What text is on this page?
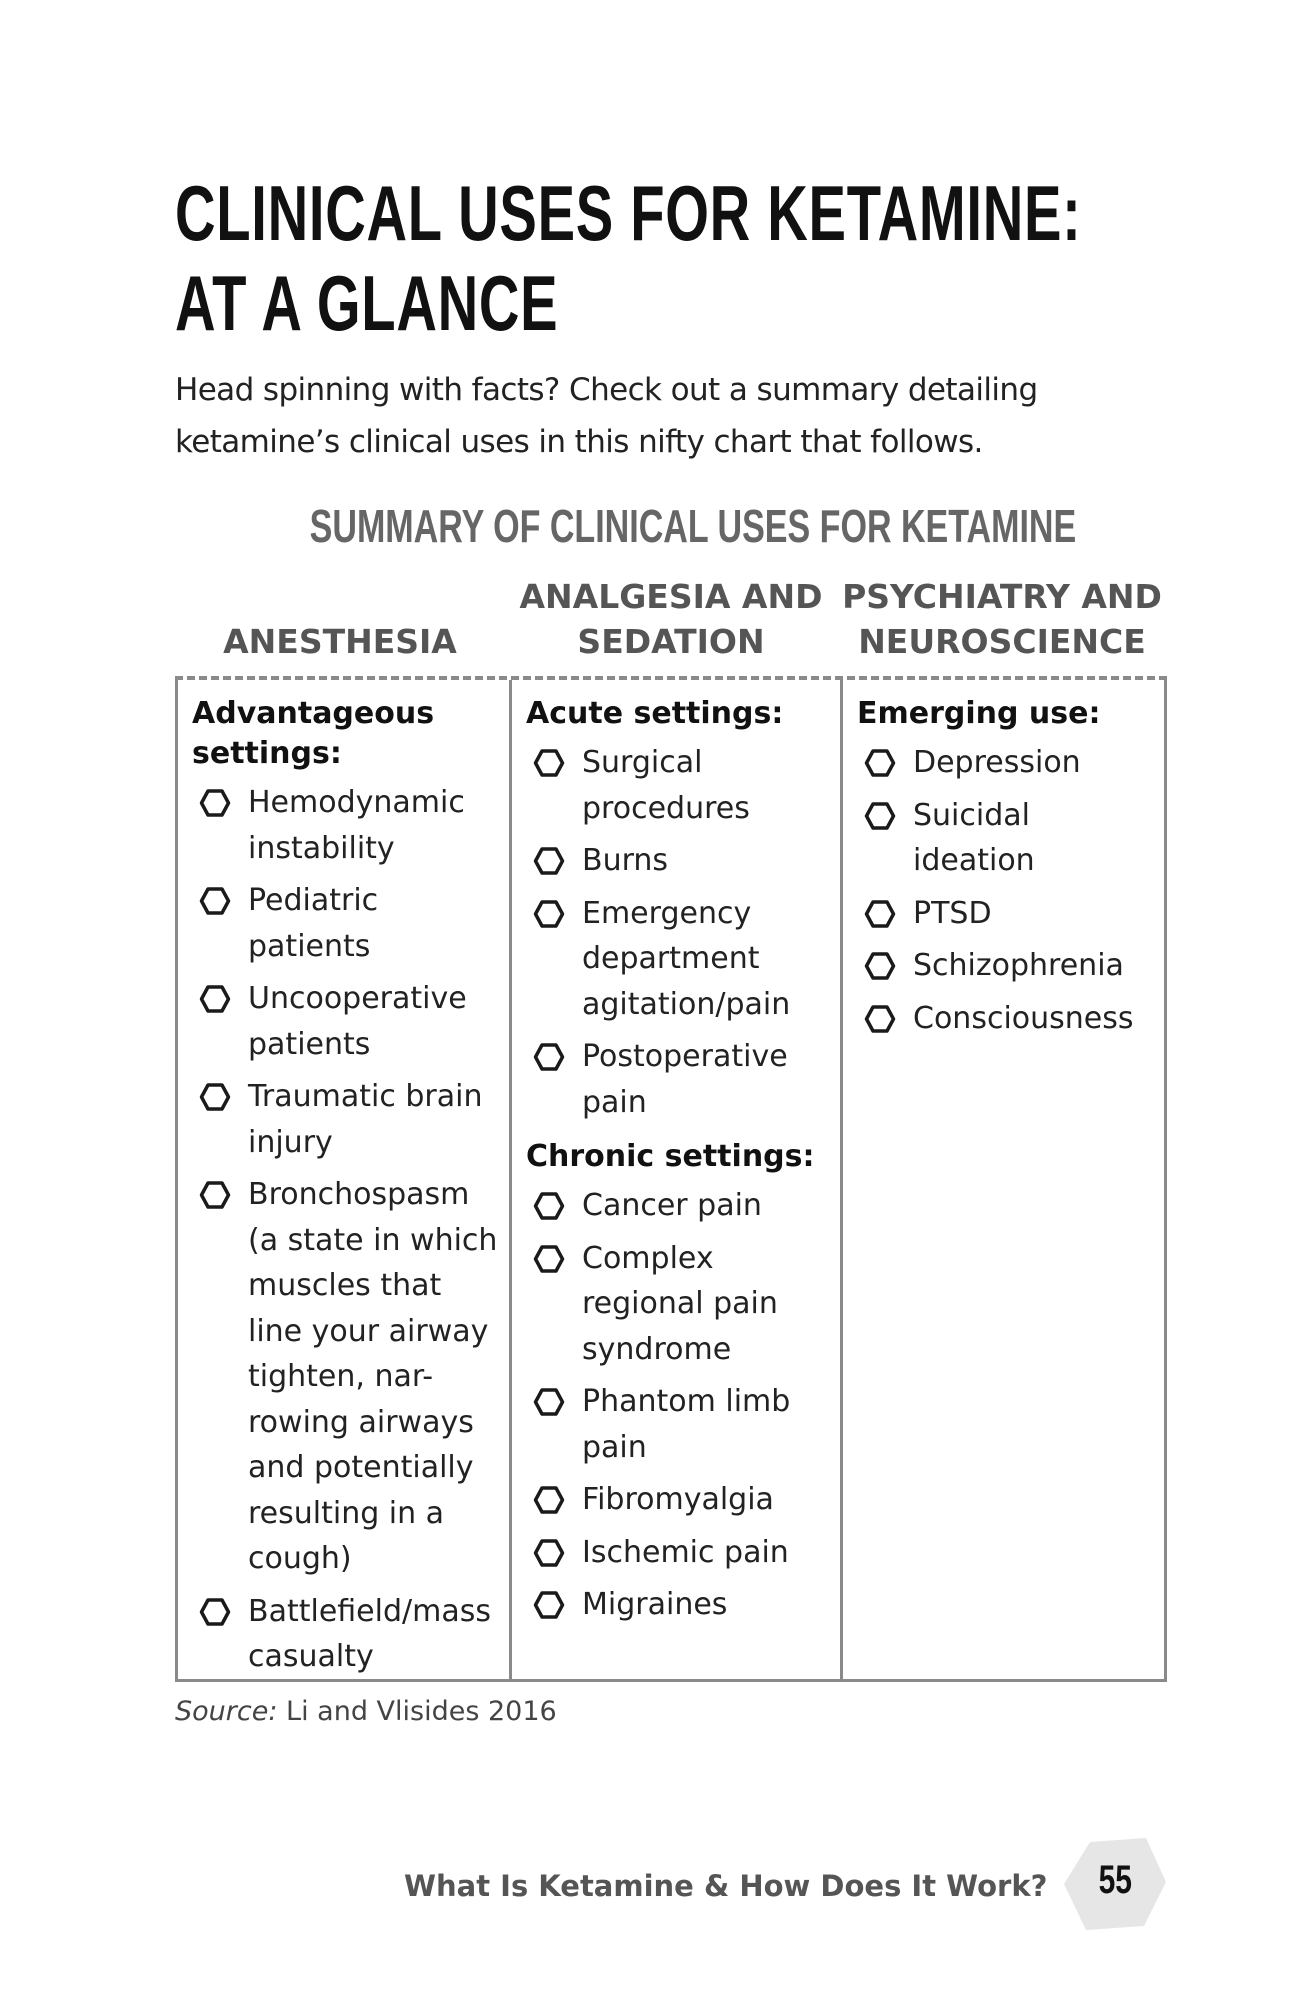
CLINICAL USES FOR KETAMINE:
AT A GLANCE

Head spinning with facts? Check out a summary detailing ketamine’s clinical uses in this nifty chart that follows.

SUMMARY OF CLINICAL USES FOR KETAMINE
ANESTHESIA
ANALGESIA AND SEDATION
PSYCHIATRY AND NEUROSCIENCE
Advantageous settings:
Hemodynamic instability
Pediatric patients
Uncooperative patients
Traumatic brain injury
Bronchospasm (a state in which muscles that line your airway tighten, nar-rowing airways and potentially resulting in a cough)
Battlefield/mass casualty
Acute settings:
Surgical procedures
Burns
Emergency department agitation/pain
Postoperative pain
Chronic settings:
Cancer pain
Complex regional pain syndrome
Phantom limb pain
Fibromyalgia
Ischemic pain
Migraines
Emerging use:
Depression
Suicidal ideation
PTSD
Schizophrenia
Consciousness
Source: Li and Vlisides 2016
What Is Ketamine & How Does It Work?	55
